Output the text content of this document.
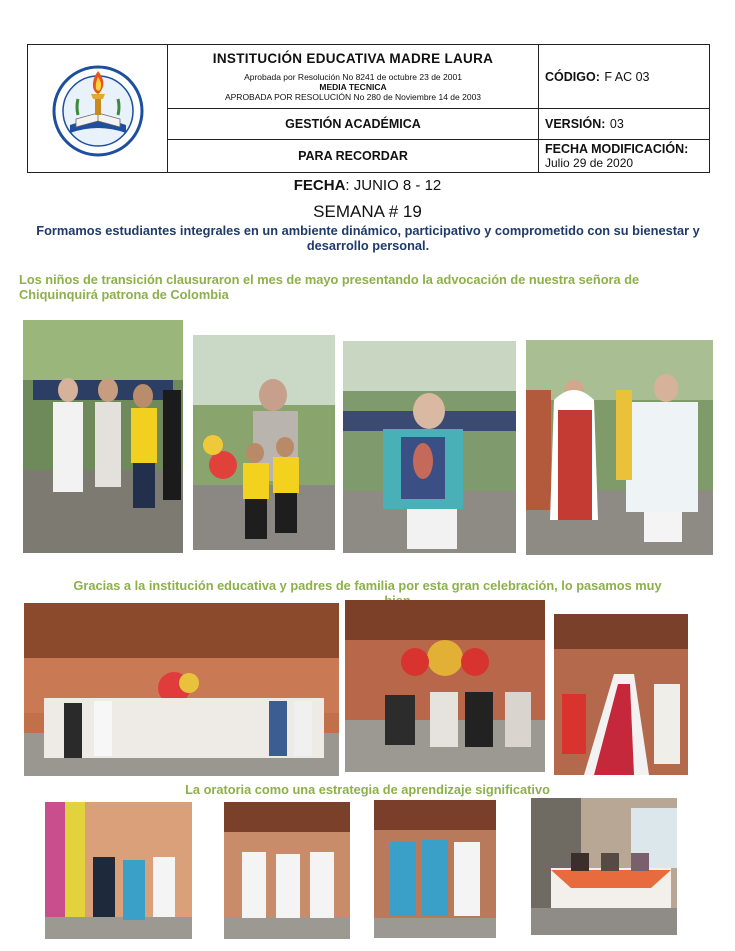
INSTITUCIÓN EDUCATIVA MADRE LAURA
Aprobada por Resolución No 8241 de octubre 23 de 2001
MEDIA TECNICA
APROBADA POR RESOLUCIÓN No 280 de Noviembre 14 de 2003	CÓDIGO: F AC 03
	GESTIÓN ACADÉMICA	VERSIÓN: 03
	PARA RECORDAR	FECHA MODIFICACIÓN:
Julio 29 de 2020
FECHA: JUNIO 8 - 12
SEMANA # 19
Formamos estudiantes integrales en un ambiente dinámico, participativo y comprometido con su bienestar y desarrollo personal.
Los niños de transición clausuraron el mes de mayo presentando la advocación de nuestra señora de Chiquinquirá patrona de Colombia
Gracias a la institución educativa y padres de familia por esta gran celebración, lo pasamos muy
La oratoria como una estrategia de aprendizaje significativo
